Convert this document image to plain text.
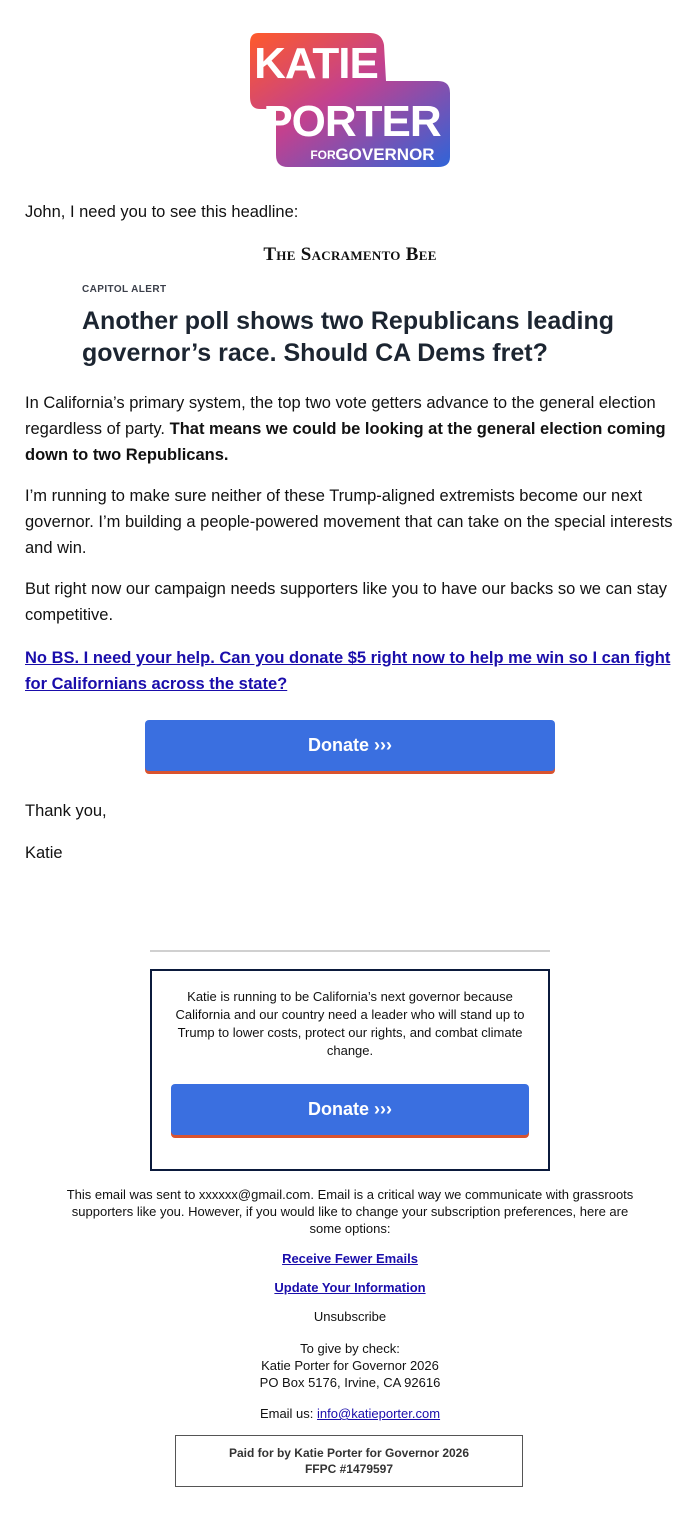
KATIE
PORTER
FOR GOVERNOR
John, I need you to see this headline:
The Sacramento Bee
CAPITOL ALERT
Another poll shows two Republicans leading governor’s race. Should CA Dems fret?
In California’s primary system, the top two vote getters advance to the general election regardless of party. That means we could be looking at the general election coming down to two Republicans.
I’m running to make sure neither of these Trump-aligned extremists become our next governor. I’m building a people-powered movement that can take on the special interests and win.
But right now our campaign needs supporters like you to have our backs so we can stay competitive.
No BS. I need your help. Can you donate $5 right now to help me win so I can fight for Californians across the state?
Donate ›››
Thank you,
Katie
Katie is running to be California’s next governor because California and our country need a leader who will stand up to Trump to lower costs, protect our rights, and combat climate change.
Donate ›››
This email was sent to xxxxxx@gmail.com. Email is a critical way we communicate with grassroots supporters like you. However, if you would like to change your subscription preferences, here are some options:
Receive Fewer Emails
Update Your Information
Unsubscribe
To give by check:
Katie Porter for Governor 2026
PO Box 5176, Irvine, CA 92616
Email us: info@katieporter.com
Paid for by Katie Porter for Governor 2026
FFPC #1479597
